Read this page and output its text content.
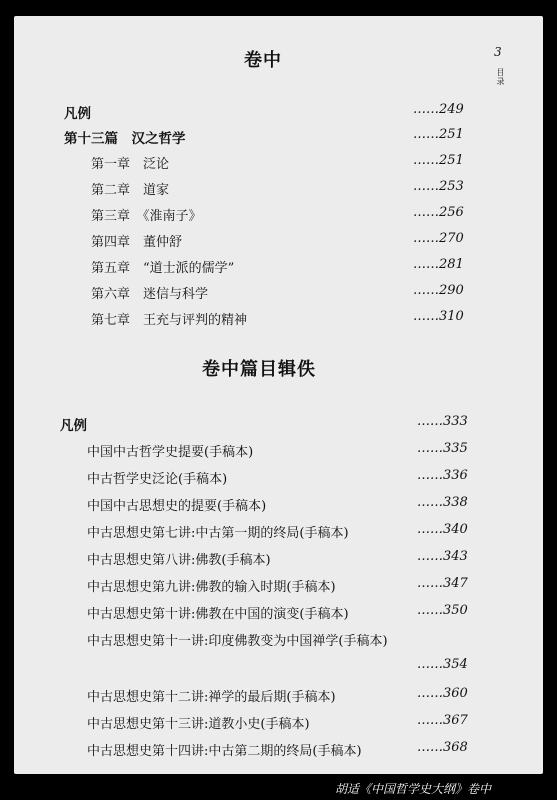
3
目录
卷中
凡例	……249
第十三篇　汉之哲学	……251
第一章　泛论	……251
第二章　道家	……253
第三章　《淮南子》	……256
第四章　董仲舒	……270
第五章　“道士派的儒学”	……281
第六章　迷信与科学	……290
第七章　王充与评判的精神	……310
卷中篇目辑佚
凡例	……333
中国中古哲学史提要(手稿本)	……335
中古哲学史泛论(手稿本)	……336
中国中古思想史的提要(手稿本)	……338
中古思想史第七讲:中古第一期的终局(手稿本)	……340
中古思想史第八讲:佛教(手稿本)	……343
中古思想史第九讲:佛教的输入时期(手稿本)	……347
中古思想史第十讲:佛教在中国的演变(手稿本)	……350
中古思想史第十一讲:印度佛教变为中国禅学(手稿本)
……354
中古思想史第十二讲:禅学的最后期(手稿本)	……360
中古思想史第十三讲:道教小史(手稿本)	……367
中古思想史第十四讲:中古第二期的终局(手稿本)	……368
胡适《中国哲学史大纲》卷中
